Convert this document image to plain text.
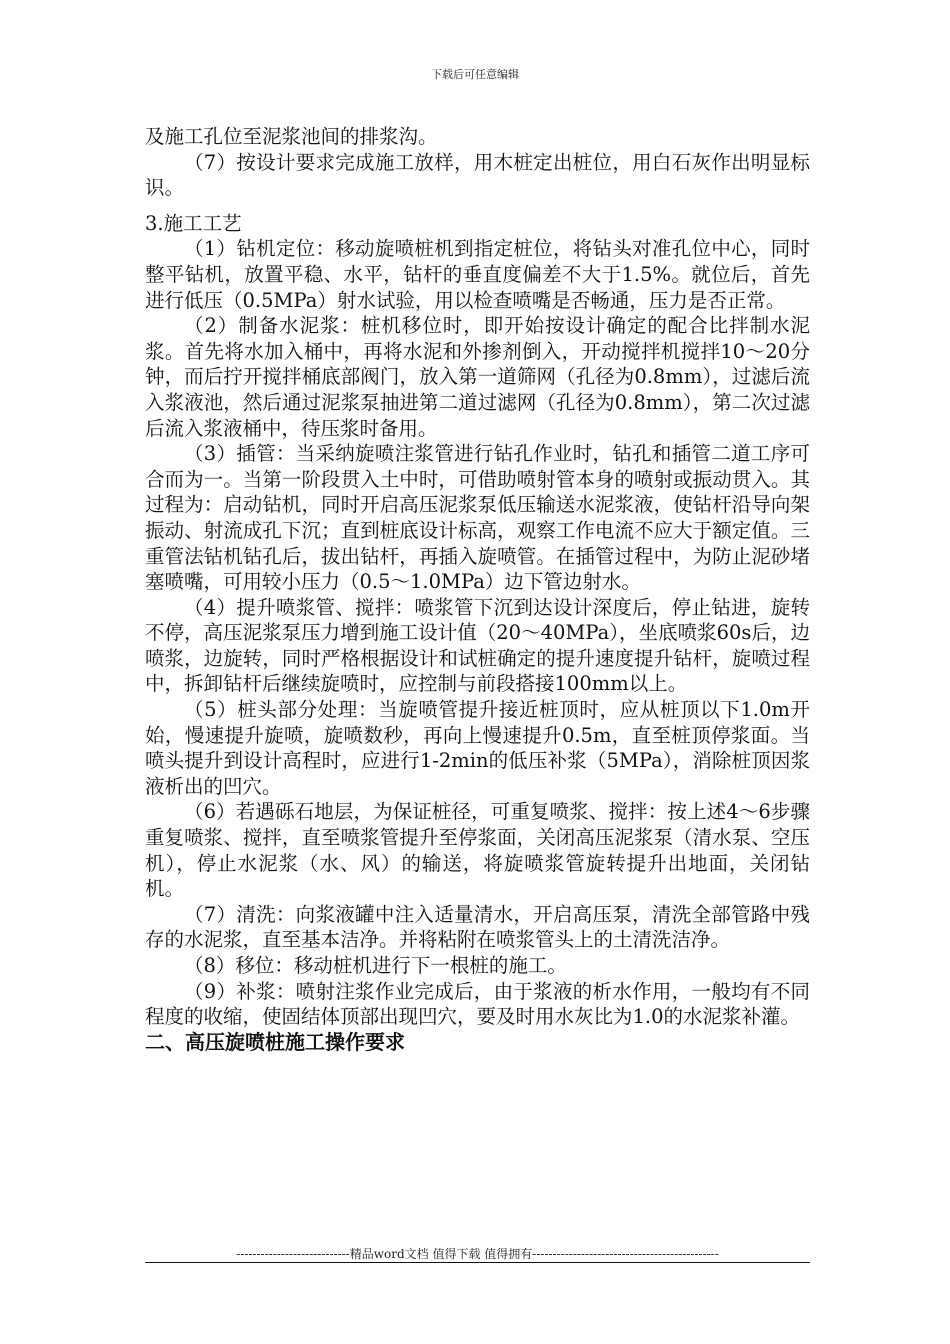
下载后可任意编辑

及施工孔位至泥浆池间的排浆沟。

（7）按设计要求完成施工放样，用木桩定出桩位，用白石灰作出明显标识。

3.施工工艺

（1）钻机定位：移动旋喷桩机到指定桩位，将钻头对准孔位中心，同时整平钻机，放置平稳、水平，钻杆的垂直度偏差不大于1.5%。就位后，首先进行低压（0.5MPa）射水试验，用以检查喷嘴是否畅通，压力是否正常。

（2）制备水泥浆：桩机移位时，即开始按设计确定的配合比拌制水泥浆。首先将水加入桶中，再将水泥和外掺剂倒入，开动搅拌机搅拌10～20分钟，而后拧开搅拌桶底部阀门，放入第一道筛网（孔径为0.8mm），过滤后流入浆液池，然后通过泥浆泵抽进第二道过滤网（孔径为0.8mm），第二次过滤后流入浆液桶中，待压浆时备用。

（3）插管：当采纳旋喷注浆管进行钻孔作业时，钻孔和插管二道工序可合而为一。当第一阶段贯入土中时，可借助喷射管本身的喷射或振动贯入。其过程为：启动钻机，同时开启高压泥浆泵低压输送水泥浆液，使钻杆沿导向架振动、射流成孔下沉；直到桩底设计标高，观察工作电流不应大于额定值。三重管法钻机钻孔后，拔出钻杆，再插入旋喷管。在插管过程中，为防止泥砂堵塞喷嘴，可用较小压力（0.5～1.0MPa）边下管边射水。

（4）提升喷浆管、搅拌：喷浆管下沉到达设计深度后，停止钻进，旋转不停，高压泥浆泵压力增到施工设计值（20～40MPa），坐底喷浆60s后，边喷浆，边旋转，同时严格根据设计和试桩确定的提升速度提升钻杆，旋喷过程中，拆卸钻杆后继续旋喷时，应控制与前段搭接100mm以上。

（5）桩头部分处理：当旋喷管提升接近桩顶时，应从桩顶以下1.0m开始，慢速提升旋喷，旋喷数秒，再向上慢速提升0.5m，直至桩顶停浆面。当喷头提升到设计高程时，应进行1-2min的低压补浆（5MPa），消除桩顶因浆液析出的凹穴。

（6）若遇砾石地层，为保证桩径，可重复喷浆、搅拌：按上述4～6步骤重复喷浆、搅拌，直至喷浆管提升至停浆面，关闭高压泥浆泵（清水泵、空压机），停止水泥浆（水、风）的输送，将旋喷浆管旋转提升出地面，关闭钻机。

（7）清洗：向浆液罐中注入适量清水，开启高压泵，清洗全部管路中残存的水泥浆，直至基本洁净。并将粘附在喷浆管头上的土清洗洁净。

（8）移位：移动桩机进行下一根桩的施工。

（9）补浆：喷射注浆作业完成后，由于浆液的析水作用，一般均有不同程度的收缩，使固结体顶部出现凹穴，要及时用水灰比为1.0的水泥浆补灌。

二、高压旋喷桩施工操作要求

----------------------------精品word文档 值得下载 值得拥有----------------------------------------------
